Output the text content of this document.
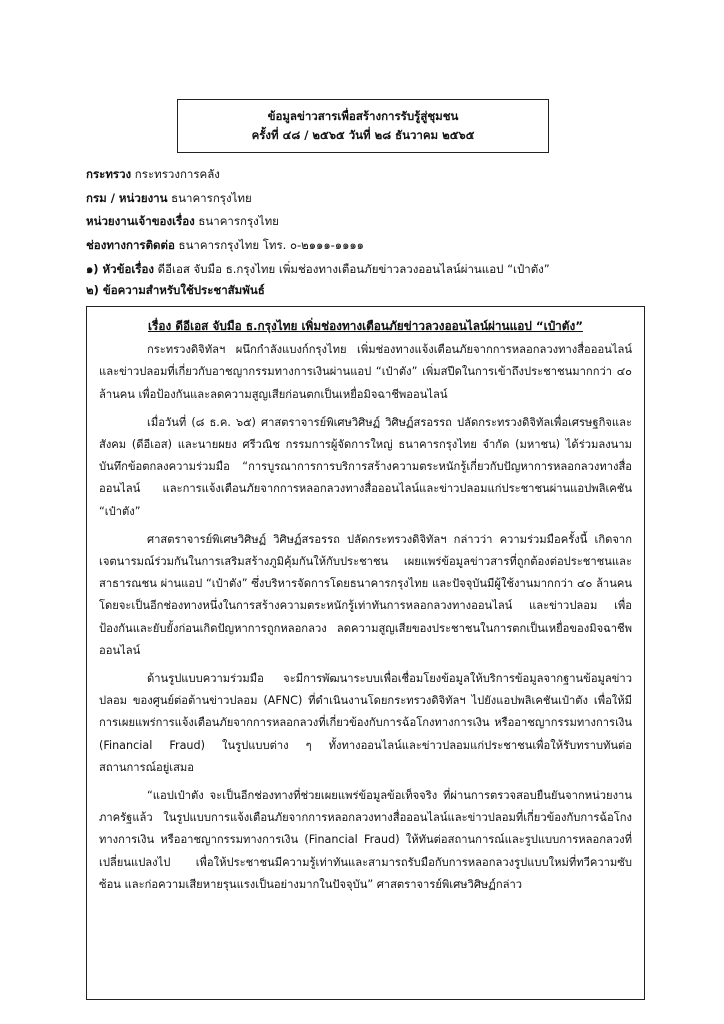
ข้อมูลข่าวสารเพื่อสร้างการรับรู้สู่ชุมชน
ครั้งที่ ๔๘ / ๒๕๖๕ วันที่ ๒๘ ธันวาคม ๒๕๖๕
กระทรวง กระทรวงการคลัง
กรม / หน่วยงาน ธนาคารกรุงไทย
หน่วยงานเจ้าของเรื่อง ธนาคารกรุงไทย
ช่องทางการติดต่อ ธนาคารกรุงไทย โทร. ๐-๒๑๑๑-๑๑๑๑
๑) หัวข้อเรื่อง ดีอีเอส จับมือ ธ.กรุงไทย เพิ่มช่องทางเตือนภัยข่าวลวงออนไลน์ผ่านแอป “เป๋าตัง”
๒) ข้อความสำหรับใช้ประชาสัมพันธ์
เรื่อง ดีอีเอส จับมือ ธ.กรุงไทย เพิ่มช่องทางเตือนภัยข่าวลวงออนไลน์ผ่านแอป “เป๋าตัง”

กระทรวงดิจิทัลฯ ผนึกกำลังแบงก์กรุงไทย เพิ่มช่องทางแจ้งเตือนภัยจากการหลอกลวงทางสื่อออนไลน์และข่าวปลอมที่เกี่ยวกับอาชญากรรมทางการเงินผ่านแอป “เป๋าตัง” เพิ่มสปีดในการเข้าถึงประชาชนมากกว่า ๔๐ ล้านคน เพื่อป้องกันและลดความสูญเสียก่อนตกเป็นเหยื่อมิจฉาชีพออนไลน์

เมื่อวันที่ (๘ ธ.ค. ๖๕) ศาสตราจารย์พิเศษวิศิษฏ์ วิศิษฏ์สรอรรถ ปลัดกระทรวงดิจิทัลเพื่อเศรษฐกิจและสังคม (ดีอีเอส) และนายผยง ศรีวณิช กรรมการผู้จัดการใหญ่ ธนาคารกรุงไทย จำกัด (มหาชน) ได้ร่วมลงนามบันทึกข้อตกลงความร่วมมือ “การบูรณาการการบริการสร้างความตระหนักรู้เกี่ยวกับปัญหาการหลอกลวงทางสื่อออนไลน์ และการแจ้งเตือนภัยจากการหลอกลวงทางสื่อออนไลน์และข่าวปลอมแก่ประชาชนผ่านแอปพลิเคชัน “เป๋าตัง”

ศาสตราจารย์พิเศษวิศิษฏ์ วิศิษฏ์สรอรรถ ปลัดกระทรวงดิจิทัลฯ กล่าวว่า ความร่วมมือครั้งนี้ เกิดจากเจตนารมณ์ร่วมกันในการเสริมสร้างภูมิคุ้มกันให้กับประชาชน เผยแพร่ข้อมูลข่าวสารที่ถูกต้องต่อประชาชนและสาธารณชน ผ่านแอป “เป๋าตัง” ซึ่งบริหารจัดการโดยธนาคารกรุงไทย และปัจจุบันมีผู้ใช้งานมากกว่า ๔๐ ล้านคน โดยจะเป็นอีกช่องทางหนึ่งในการสร้างความตระหนักรู้เท่าทันการหลอกลวงทางออนไลน์ และข่าวปลอม เพื่อป้องกันและยับยั้งก่อนเกิดปัญหาการถูกหลอกลวง ลดความสูญเสียของประชาชนในการตกเป็นเหยื่อของมิจฉาชีพออนไลน์

ด้านรูปแบบความร่วมมือ จะมีการพัฒนาระบบเพื่อเชื่อมโยงข้อมูลให้บริการข้อมูลจากฐานข้อมูลข่าวปลอม ของศูนย์ต่อต้านข่าวปลอม (AFNC) ที่ดำเนินงานโดยกระทรวงดิจิทัลฯ ไปยังแอปพลิเคชันเป๋าตัง เพื่อให้มีการเผยแพร่การแจ้งเตือนภัยจากการหลอกลวงที่เกี่ยวข้องกับการฉ้อโกงทางการเงิน หรืออาชญากรรมทางการเงิน (Financial Fraud) ในรูปแบบต่าง ๆ ทั้งทางออนไลน์และข่าวปลอมแก่ประชาชนเพื่อให้รับทราบทันต่อสถานการณ์อยู่เสมอ

“แอปเป๋าตัง จะเป็นอีกช่องทางที่ช่วยเผยแพร่ข้อมูลข้อเท็จจริง ที่ผ่านการตรวจสอบยืนยันจากหน่วยงานภาครัฐแล้ว ในรูปแบบการแจ้งเตือนภัยจากการหลอกลวงทางสื่อออนไลน์และข่าวปลอมที่เกี่ยวข้องกับการฉ้อโกงทางการเงิน หรืออาชญากรรมทางการเงิน (Financial Fraud) ให้ทันต่อสถานการณ์และรูปแบบการหลอกลวงที่เปลี่ยนแปลงไป เพื่อให้ประชาชนมีความรู้เท่าทันและสามารถรับมือกับการหลอกลวงรูปแบบใหม่ที่ทวีความซับซ้อน และก่อความเสียหายรุนแรงเป็นอย่างมากในปัจจุบัน” ศาสตราจารย์พิเศษวิศิษฏ์กล่าว
